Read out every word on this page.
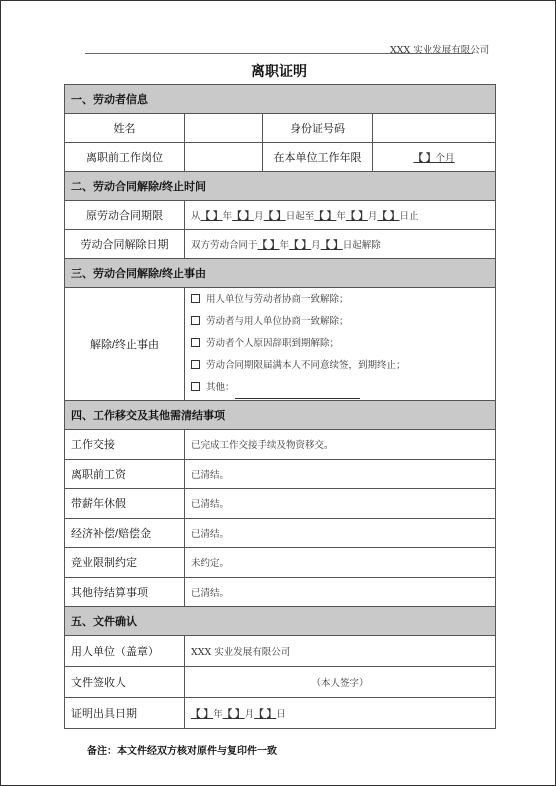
XXX 实业发展有限公司
离职证明
一、劳动者信息			
姓名		身份证号码	
离职前工作岗位		在本单位工作年限	【 】个月
二、劳动合同解除/终止时间			
原劳动合同期限	从【 】年【 】月【 】日起至【 】年【 】月【 】日止		
劳动合同解除日期	双方劳动合同于【 】年【 】月【 】日起解除		
三、劳动合同解除/终止事由			
解除/终止事由	用人单位与劳动者协商一致解除；
劳动者与用人单位协商一致解除；
劳动者个人原因辞职到期解除；
劳动合同期限届满本人不同意续签，到期终止；
其他：		

四、工作移交及其他需清结事项			
工作交接	已完成工作交接手续及物资移交。		
离职前工资	已清结。		
带薪年休假	已清结。		
经济补偿/赔偿金	已清结。		
竞业限制约定	未约定。		
其他待结算事项	已清结。		
五、文件确认			
用人单位（盖章）	XXX 实业发展有限公司		
文件签收人	（本人签字）		
证明出具日期	【 】年【 】月【 】日		
备注：本文件经双方核对原件与复印件一致
